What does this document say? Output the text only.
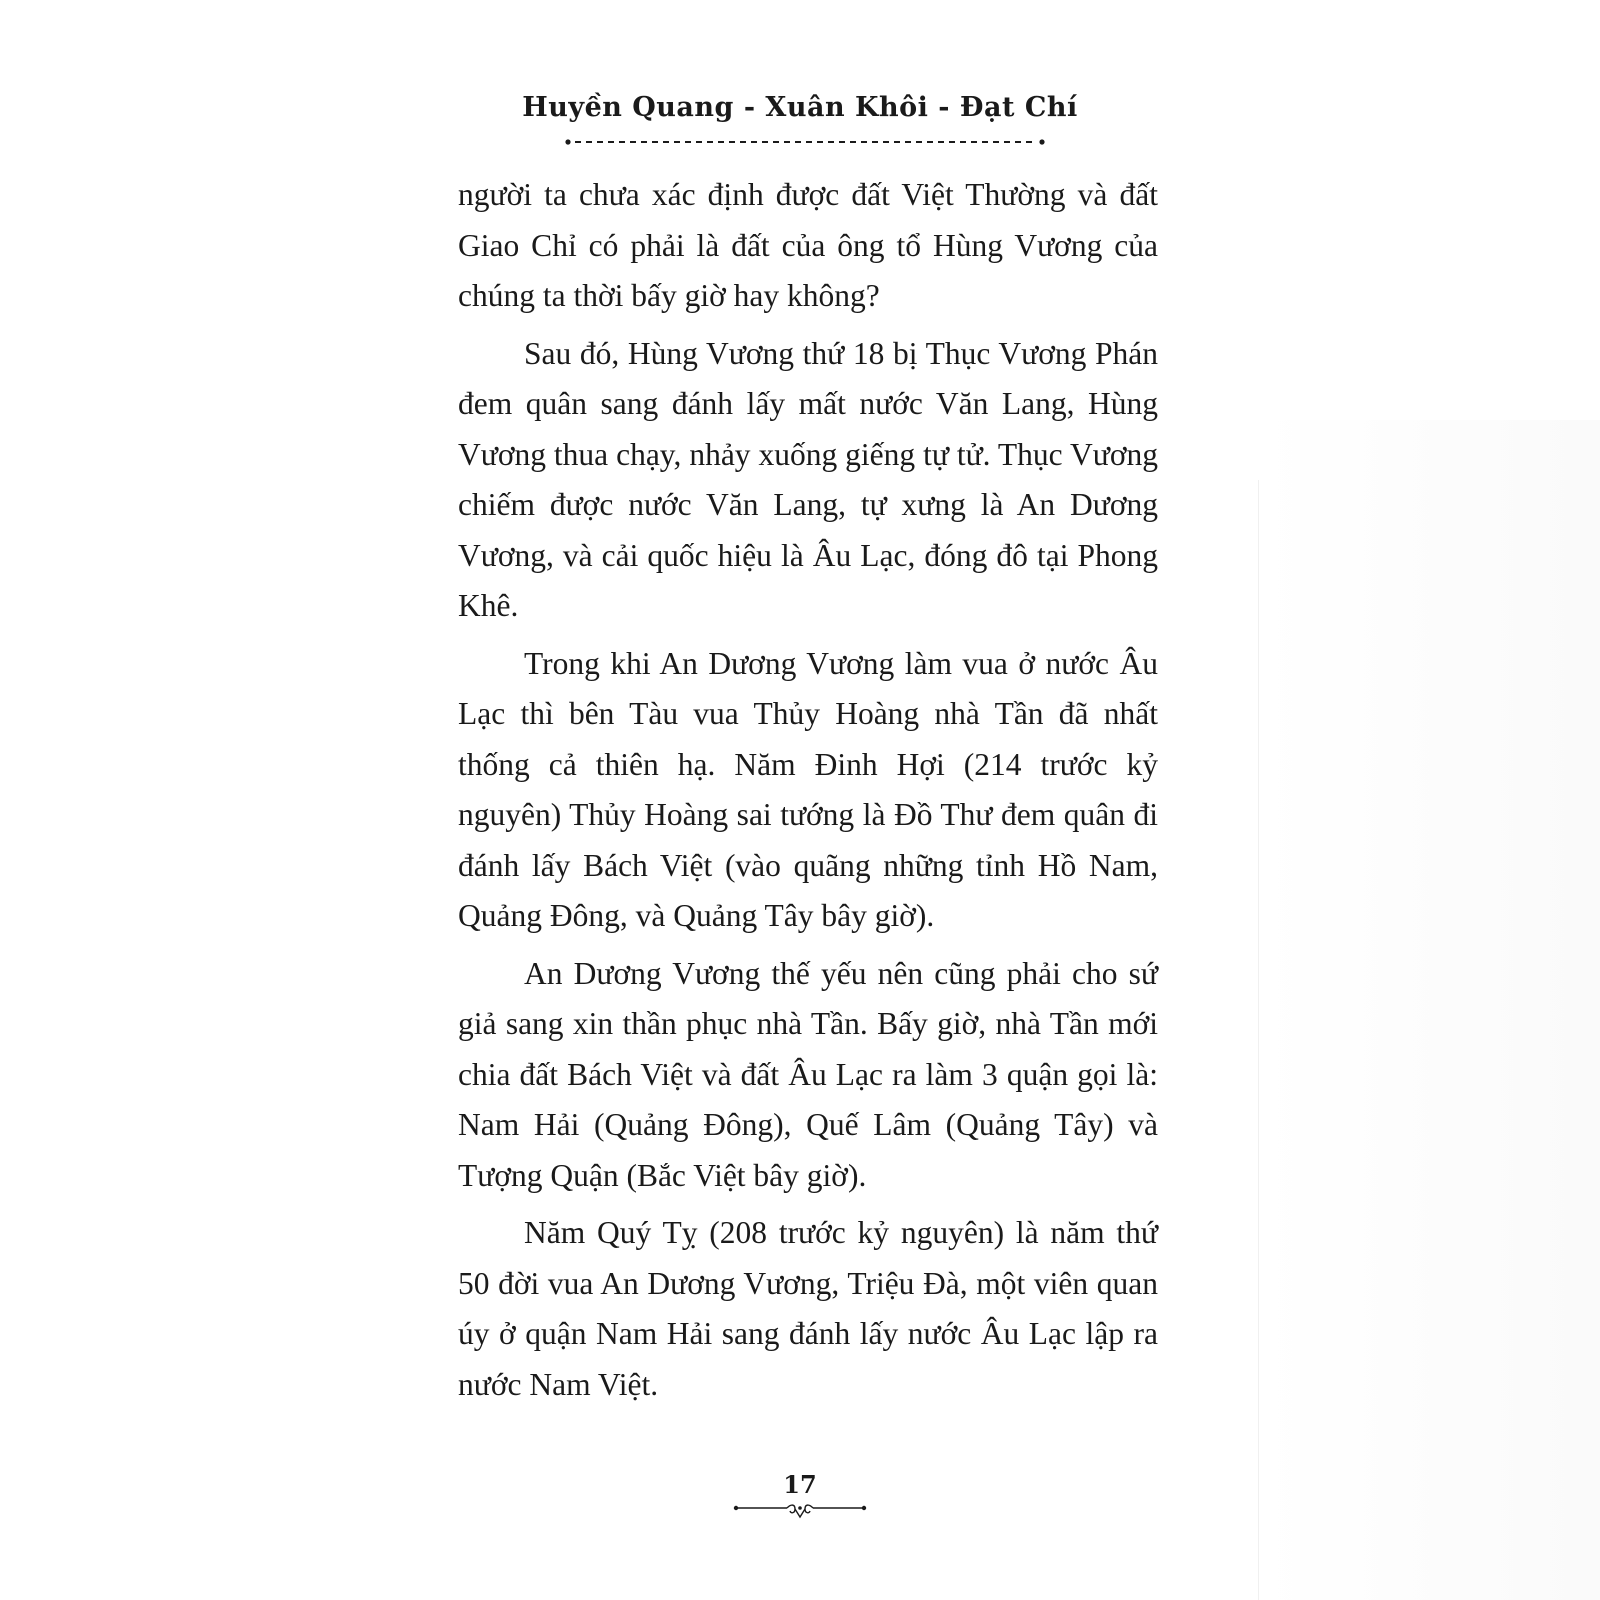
Huyền Quang - Xuân Khôi - Đạt Chí

người ta chưa xác định được đất Việt Thường và đất Giao Chỉ có phải là đất của ông tổ Hùng Vương của chúng ta thời bấy giờ hay không?

Sau đó, Hùng Vương thứ 18 bị Thục Vương Phán đem quân sang đánh lấy mất nước Văn Lang, Hùng Vương thua chạy, nhảy xuống giếng tự tử. Thục Vương chiếm được nước Văn Lang, tự xưng là An Dương Vương, và cải quốc hiệu là Âu Lạc, đóng đô tại Phong Khê.

Trong khi An Dương Vương làm vua ở nước Âu Lạc thì bên Tàu vua Thủy Hoàng nhà Tần đã nhất thống cả thiên hạ. Năm Đinh Hợi (214 trước kỷ nguyên) Thủy Hoàng sai tướng là Đồ Thư đem quân đi đánh lấy Bách Việt (vào quãng những tỉnh Hồ Nam, Quảng Đông, và Quảng Tây bây giờ).

An Dương Vương thế yếu nên cũng phải cho sứ giả sang xin thần phục nhà Tần. Bấy giờ, nhà Tần mới chia đất Bách Việt và đất Âu Lạc ra làm 3 quận gọi là: Nam Hải (Quảng Đông), Quế Lâm (Quảng Tây) và Tượng Quận (Bắc Việt bây giờ).

Năm Quý Tỵ (208 trước kỷ nguyên) là năm thứ 50 đời vua An Dương Vương, Triệu Đà, một viên quan úy ở quận Nam Hải sang đánh lấy nước Âu Lạc lập ra nước Nam Việt.

17
